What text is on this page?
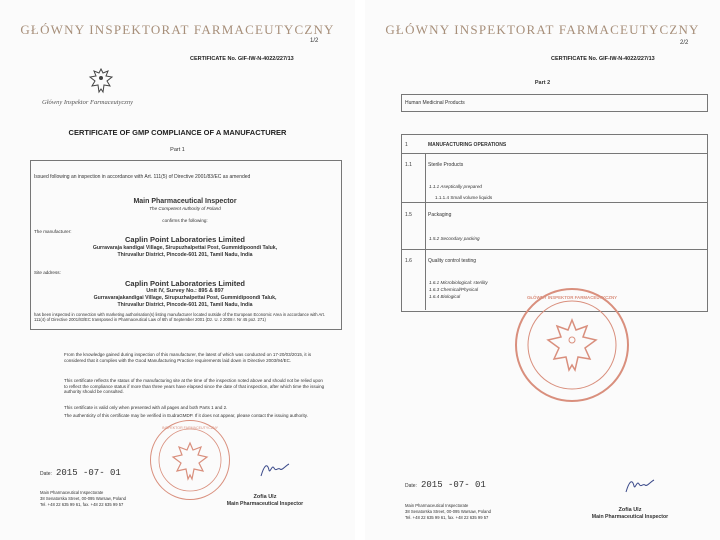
GŁÓWNY INSPEKTORAT FARMACEUTYCZNY
1/2
CERTIFICATE No. GIF-IW-N-4022/227/13
Główny Inspektor Farmaceutyczny
CERTIFICATE OF GMP COMPLIANCE OF A MANUFACTURER
Part 1
Issued following an inspection in accordance with Art. 111(5) of Directive 2001/83/EC as amended
Main Pharmaceutical Inspector
The Competent Authority of Poland
confirms the following:
The manufacturer:
Caplin Point Laboratories Limited
Gurravaraja kandigai Village, Sirupuzhalpettai Post, Gummidipoondi Taluk,
Thiruvallur District, Pincode-601 201, Tamil Nadu, India
Site address:
Caplin Point Laboratories Limited
Unit IV, Survey No.: 895 & 897
Gurravarajakandigai Village, Sirupuzhalpettai Post, Gummidipoondi Taluk,
Thiruvallur District, Pincode-601 201, Tamil Nadu, India
has been inspected in connection with marketing authorisation(s) listing manufacturer located outside of the European Economic Area in accordance with Art. 111(4) of Directive 2001/83/EC transposed in Pharmaceutical Law of 6th of September 2001 (Dz. U. z 2008 r. Nr 45 poz. 271)
From the knowledge gained during inspection of this manufacturer, the latest of which was conducted on 17-20/03/2015, it is considered that it complies with the Good Manufacturing Practice requirements laid down in Directive 2003/94/EC.
This certificate reflects the status of the manufacturing site at the time of the inspection noted above and should not be relied upon to reflect the compliance status if more than three years have elapsed since the date of that inspection, after which time the issuing authority should be consulted.
This certificate is valid only when presented with all pages and both Parts 1 and 2.
The authenticity of this certificate may be verified in EudraGMDP. If it does not appear, please contact the issuing authority.
INSPEKTOR FARMACEUTYCZNY
Date: 2015 -07- 01
Main Pharmaceutical Inspectorate
38 Senatorska Street, 00-095 Warsaw, Poland
Tel. +48 22 635 99 61, fax. +48 22 635 99 57
Zofia Ulz
Main Pharmaceutical Inspector
GŁÓWNY INSPEKTORAT FARMACEUTYCZNY
2/2
CERTIFICATE No. GIF-IW-N-4022/227/13
Part 2
Human Medicinal Products
1	MANUFACTURING OPERATIONS
1.1	Sterile Products
1.1.1 Aseptically prepared
1.1.1.4 Small volume liquids
1.5	Packaging
1.5.2 Secondary packing
1.6	Quality control testing
1.6.1 Microbiological: sterility
1.6.3 Chemical/Physical
1.6.4 Biological	GŁÓWNY INSPEKTOR FARMACEUTYCZNY
Date: 2015 -07- 01
Main Pharmaceutical Inspectorate
38 Senatorska Street, 00-095 Warsaw, Poland
Tel. +48 22 635 99 61, fax. +48 22 635 99 57
Zofia Ulz
Main Pharmaceutical Inspector
